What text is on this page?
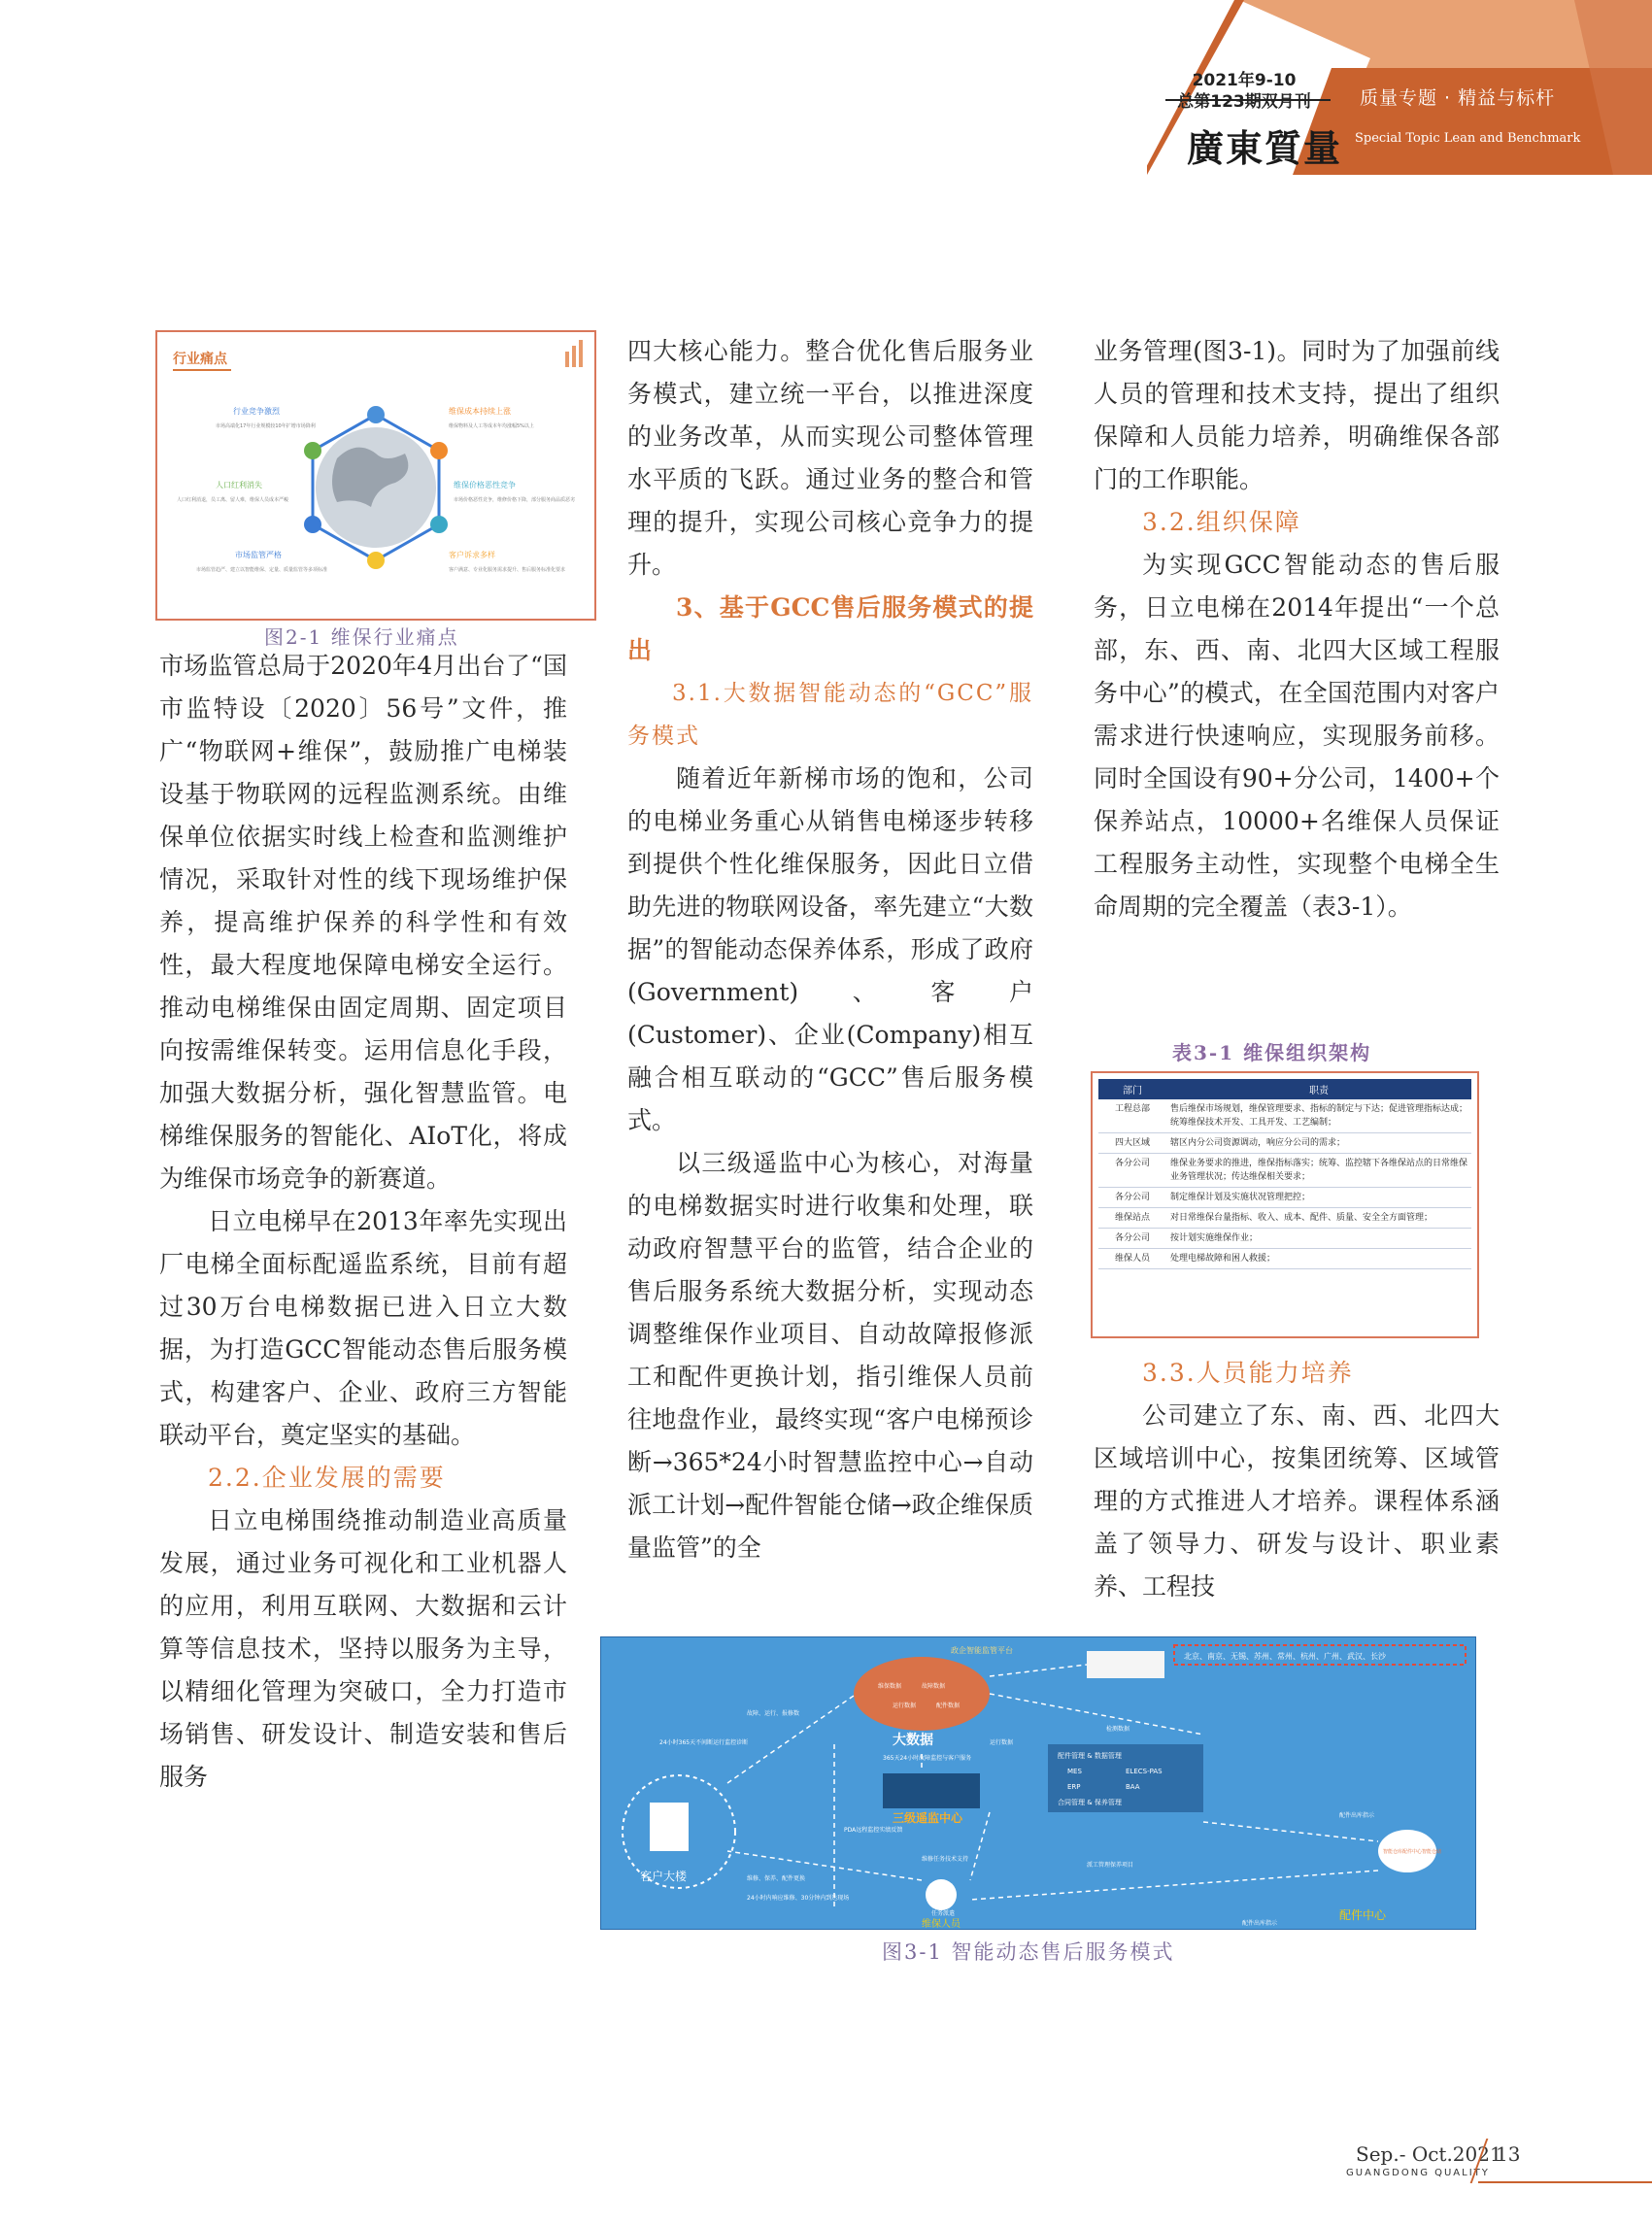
2021年9-10
总第123期双月刊
廣東質量
质量专题 · 精益与标杆
Special Topic Lean and Benchmark
行业痛点
行业竞争激烈
市场高端化17年行业规模较10年扩增市场降利
维保成本持续上涨
维保物料及人工等成本年均涨幅5%以上
人口红利消失
人口红利消退，员工离、留人难，维保人员成本严峻
维保价格恶性竞争
市场价格恶性竞争，维修价格下降，部分服务商品质恶劣
市场监管严格
市场监管趋严、建立以智能维保、定量、质量监管等多项标准
客户诉求多样
客户满意、专业化服务需求提升、售后服务标准化要求
图2-1 维保行业痛点

市场监管总局于2020年4月出台了“国市监特设〔2020〕56号”文件，推广“物联网+维保”，鼓励推广电梯装设基于物联网的远程监测系统。由维保单位依据实时线上检查和监测维护情况，采取针对性的线下现场维护保养，提高维护保养的科学性和有效性，最大程度地保障电梯安全运行。推动电梯维保由固定周期、固定项目向按需维保转变。运用信息化手段，加强大数据分析，强化智慧监管。电梯维保服务的智能化、AIoT化，将成为维保市场竞争的新赛道。

日立电梯早在2013年率先实现出厂电梯全面标配遥监系统，目前有超过30万台电梯数据已进入日立大数据，为打造GCC智能动态售后服务模式，构建客户、企业、政府三方智能联动平台，奠定坚实的基础。

2.2.企业发展的需要

日立电梯围绕推动制造业高质量发展，通过业务可视化和工业机器人的应用，利用互联网、大数据和云计算等信息技术，坚持以服务为主导，以精细化管理为突破口，全力打造市场销售、研发设计、制造安装和售后服务

四大核心能力。整合优化售后服务业务模式，建立统一平台，以推进深度的业务改革，从而实现公司整体管理水平质的飞跃。通过业务的整合和管理的提升，实现公司核心竞争力的提升。

3、基于GCC售后服务模式的提出

3.1.大数据智能动态的“GCC”服务模式

随着近年新梯市场的饱和，公司的电梯业务重心从销售电梯逐步转移到提供个性化维保服务，因此日立借助先进的物联网设备，率先建立“大数据”的智能动态保养体系，形成了政府(Government)、客户(Customer)、企业(Company)相互融合相互联动的“GCC”售后服务模式。

以三级遥监中心为核心，对海量的电梯数据实时进行收集和处理，联动政府智慧平台的监管，结合企业的售后服务系统大数据分析，实现动态调整维保作业项目、自动故障报修派工和配件更换计划，指引维保人员前往地盘作业，最终实现“客户电梯预诊断→365*24小时智慧监控中心→自动派工计划→配件智能仓储→政企维保质量监管”的全

业务管理(图3-1)。同时为了加强前线人员的管理和技术支持，提出了组织保障和人员能力培养，明确维保各部门的工作职能。

3.2.组织保障

为实现GCC智能动态的售后服务，日立电梯在2014年提出“一个总部，东、西、南、北四大区域工程服务中心”的模式，在全国范围内对客户需求进行快速响应，实现服务前移。同时全国设有90+分公司，1400+个保养站点，10000+名维保人员保证工程服务主动性，实现整个电梯全生命周期的完全覆盖（表3-1）。

表3-1 维保组织架构
部门	职责
工程总部	售后维保市场规划，维保管理要求、指标的制定与下达；促进管理指标达成；统筹维保技术开发、工具开发、工艺编制；
四大区域	辖区内分公司资源调动，响应分公司的需求；
各分公司	维保业务要求的推进，维保指标落实；统筹、监控辖下各维保站点的日常维保业务管理状况；传达维保相关要求；
各分公司	制定维保计划及实施状况管理把控；
维保站点	对日常维保台量指标、收入、成本、配件、质量、安全全方面管理；
各分公司	按计划实施维保作业；
维保人员	处理电梯故障和困人救援；

3.3.人员能力培养

公司建立了东、南、西、北四大区域培训中心，按集团统筹、区域管理的方式推进人才培养。课程体系涵盖了领导力、研发与设计、职业素养、工程技

北京、南京、无锡、苏州、常州、杭州、广州、武汉、长沙
政企智能监管平台
大数据
维保数据	故障数据
运行数据	配件数据
三级遥监中心
客户大楼
24小时365天不间断运行监控诊断
配件管理 & 数据管理
MES	ELECS-PAS
ERP	BAA
合同管理 & 保养管理
智能仓库配件中心智能仓储
配件中心
维保人员
故障、运行、报修数
检测数据
365天24小时故障监控与客户服务
运行数据
PDA远程监控实绩反馈
维修任务技术支持
派工管理保养项目
配件出库指示
维修、保养、配件更换
24小时内响应维修、30分钟内到达现场
任务派遣
配件出库指示
图3-1 智能动态售后服务模式
Sep.- Oct.2021
GUANGDONG QUALITY
13
